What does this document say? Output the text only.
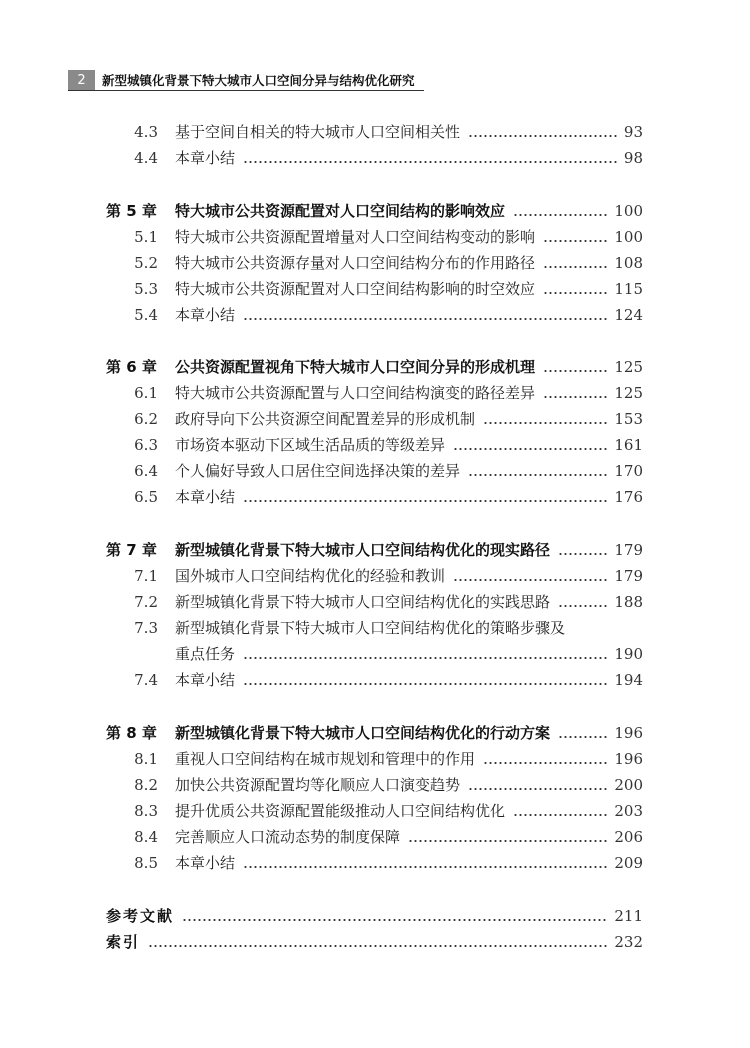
2	新型城镇化背景下特大城市人口空间分异与结构优化研究
4.3 基于空间自相关的特大城市人口空间相关性	93
4.4 本章小结	98
第 5 章 特大城市公共资源配置对人口空间结构的影响效应	100
5.1 特大城市公共资源配置增量对人口空间结构变动的影响	100
5.2 特大城市公共资源存量对人口空间结构分布的作用路径	108
5.3 特大城市公共资源配置对人口空间结构影响的时空效应	115
5.4 本章小结	124
第 6 章 公共资源配置视角下特大城市人口空间分异的形成机理	125
6.1 特大城市公共资源配置与人口空间结构演变的路径差异	125
6.2 政府导向下公共资源空间配置差异的形成机制	153
6.3 市场资本驱动下区域生活品质的等级差异	161
6.4 个人偏好导致人口居住空间选择决策的差异	170
6.5 本章小结	176
第 7 章 新型城镇化背景下特大城市人口空间结构优化的现实路径	179
7.1 国外城市人口空间结构优化的经验和教训	179
7.2 新型城镇化背景下特大城市人口空间结构优化的实践思路	188
7.3 新型城镇化背景下特大城市人口空间结构优化的策略步骤及
重点任务	190
7.4 本章小结	194
第 8 章 新型城镇化背景下特大城市人口空间结构优化的行动方案	196
8.1 重视人口空间结构在城市规划和管理中的作用	196
8.2 加快公共资源配置均等化顺应人口演变趋势	200
8.3 提升优质公共资源配置能级推动人口空间结构优化	203
8.4 完善顺应人口流动态势的制度保障	206
8.5 本章小结	209
参考文献	211
索引	232
